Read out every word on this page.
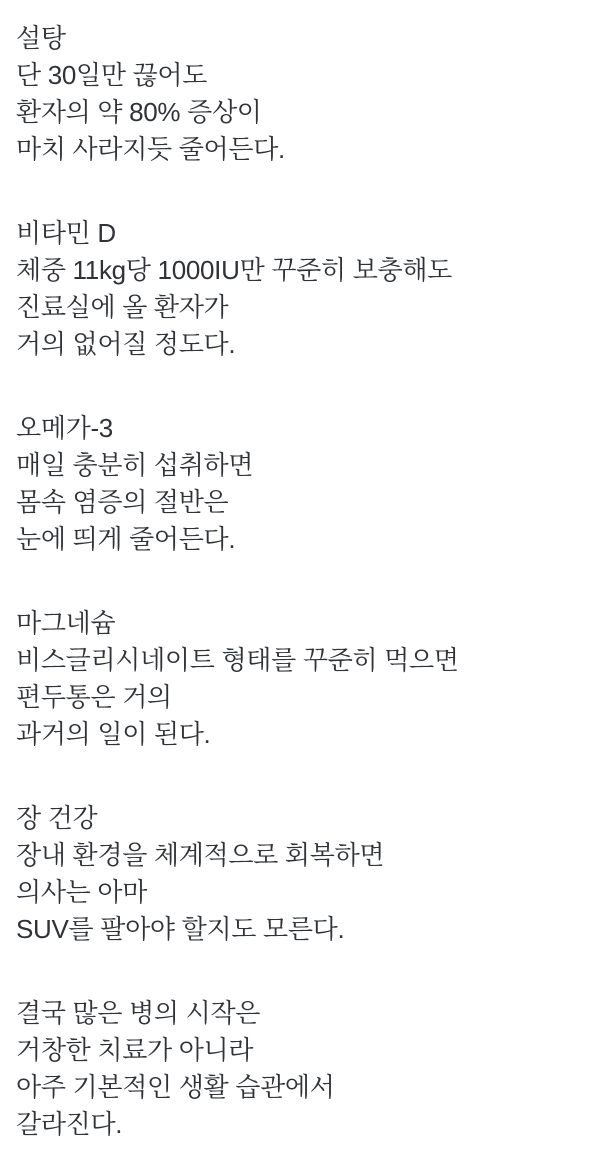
설탕
단 30일만 끊어도
환자의 약 80% 증상이
마치 사라지듯 줄어든다.
비타민 D
체중 11kg당 1000IU만 꾸준히 보충해도
진료실에 올 환자가
거의 없어질 정도다.
오메가-3
매일 충분히 섭취하면
몸속 염증의 절반은
눈에 띄게 줄어든다.
마그네슘
비스글리시네이트 형태를 꾸준히 먹으면
편두통은 거의
과거의 일이 된다.
장 건강
장내 환경을 체계적으로 회복하면
의사는 아마
SUV를 팔아야 할지도 모른다.
결국 많은 병의 시작은
거창한 치료가 아니라
아주 기본적인 생활 습관에서
갈라진다.
